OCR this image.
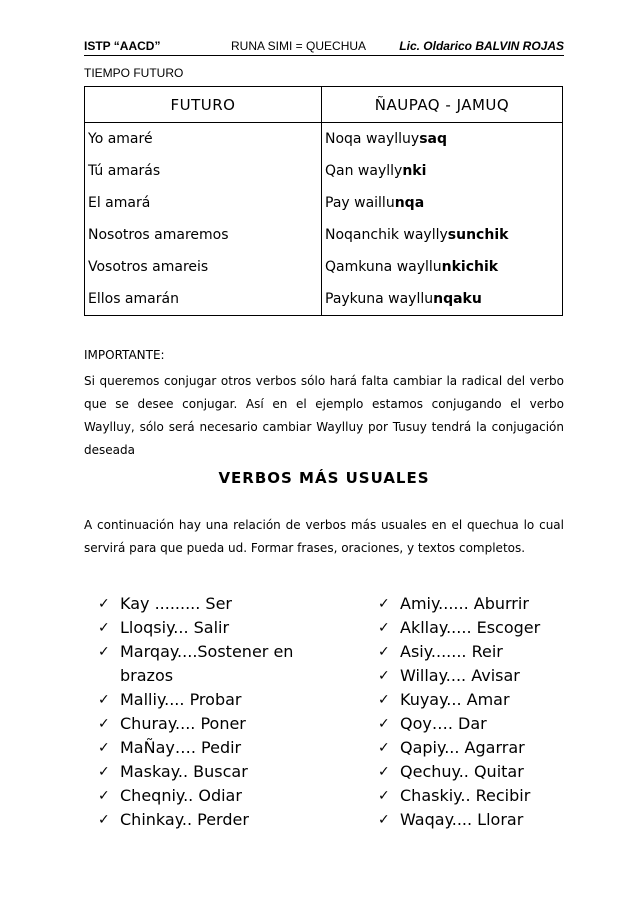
ISTP “AACD”	RUNA SIMI = QUECHUA	Lic. Oldarico BALVIN ROJAS
TIEMPO FUTURO
FUTURO	ÑAUPAQ - JAMUQ
Yo amaré	Noqa waylluysaq
Tú amarás	Qan wayllynki
El amará	Pay waillunqa
Nosotros amaremos	Noqanchik wayllysunchik
Vosotros amareis	Qamkuna wayllunkichik
Ellos amarán	Paykuna wayllunqaku
IMPORTANTE:
Si queremos conjugar otros verbos sólo hará falta cambiar la radical del verbo que se desee conjugar. Así en el ejemplo estamos conjugando el verbo Waylluy, sólo será necesario cambiar Waylluy por Tusuy tendrá la conjugación deseada
VERBOS MÁS USUALES
A continuación hay una relación de verbos más usuales en el quechua lo cual servirá para que pueda ud. Formar frases, oraciones, y textos completos.
✓ Kay ......... Ser
✓ Lloqsiy... Salir
✓ Marqay....Sostener en brazos
✓ Malliy.... Probar
✓ Churay.... Poner
✓ MaÑay…. Pedir
✓ Maskay.. Buscar
✓ Cheqniy.. Odiar
✓ Chinkay.. Perder
✓ Amiy...... Aburrir
✓ Akllay..... Escoger
✓ Asiy....... Reir
✓ Willay.... Avisar
✓ Kuyay... Amar
✓ Qoy…. Dar
✓ Qapiy... Agarrar
✓ Qechuy.. Quitar
✓ Chaskiy.. Recibir
✓ Waqay.... Llorar
